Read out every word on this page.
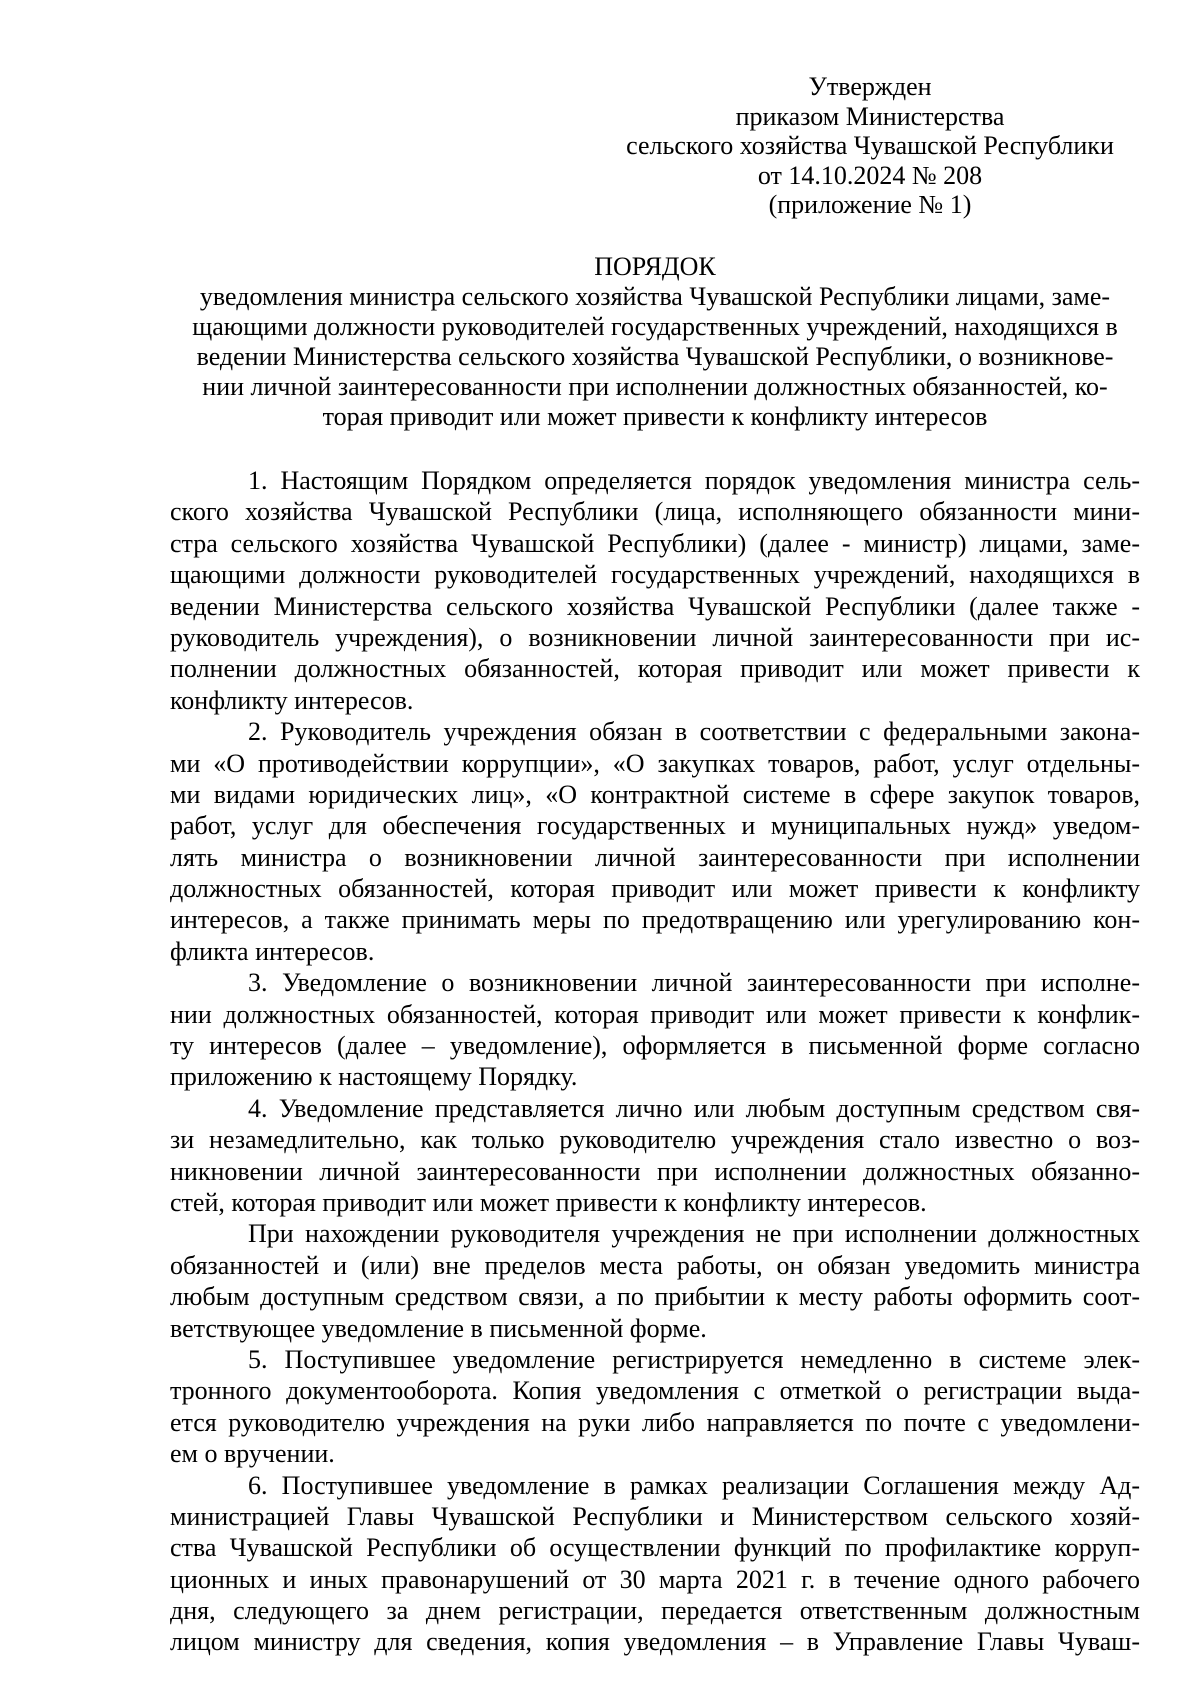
Утвержден
приказом Министерства
сельского хозяйства Чувашской Республики
от 14.10.2024 № 208
(приложение № 1)
ПОРЯДОК
уведомления министра сельского хозяйства Чувашской Республики лицами, заме-
щающими должности руководителей государственных учреждений, находящихся в
ведении Министерства сельского хозяйства Чувашской Республики, о возникнове-
нии личной заинтересованности при исполнении должностных обязанностей, ко-
торая приводит или может привести к конфликту интересов
1. Настоящим Порядком определяется порядок уведомления министра сель-
ского хозяйства Чувашской Республики (лица, исполняющего обязанности мини-
стра сельского хозяйства Чувашской Республики) (далее - министр) лицами, заме-
щающими должности руководителей государственных учреждений, находящихся в
ведении Министерства сельского хозяйства Чувашской Республики (далее также -
руководитель учреждения), о возникновении личной заинтересованности при ис-
полнении должностных обязанностей, которая приводит или может привести к
конфликту интересов.
2. Руководитель учреждения обязан в соответствии с федеральными закона-
ми «О противодействии коррупции», «О закупках товаров, работ, услуг отдельны-
ми видами юридических лиц», «О контрактной системе в сфере закупок товаров,
работ, услуг для обеспечения государственных и муниципальных нужд» уведом-
лять министра о возникновении личной заинтересованности при исполнении
должностных обязанностей, которая приводит или может привести к конфликту
интересов, а также принимать меры по предотвращению или урегулированию кон-
фликта интересов.
3. Уведомление о возникновении личной заинтересованности при исполне-
нии должностных обязанностей, которая приводит или может привести к конфлик-
ту интересов (далее – уведомление), оформляется в письменной форме согласно
приложению к настоящему Порядку.
4. Уведомление представляется лично или любым доступным средством свя-
зи незамедлительно, как только руководителю учреждения стало известно о воз-
никновении личной заинтересованности при исполнении должностных обязанно-
стей, которая приводит или может привести к конфликту интересов.
При нахождении руководителя учреждения не при исполнении должностных
обязанностей и (или) вне пределов места работы, он обязан уведомить министра
любым доступным средством связи, а по прибытии к месту работы оформить соот-
ветствующее уведомление в письменной форме.
5. Поступившее уведомление регистрируется немедленно в системе элек-
тронного документооборота. Копия уведомления с отметкой о регистрации выда-
ется руководителю учреждения на руки либо направляется по почте с уведомлени-
ем о вручении.
6. Поступившее уведомление в рамках реализации Соглашения между Ад-
министрацией Главы Чувашской Республики и Министерством сельского хозяй-
ства Чувашской Республики об осуществлении функций по профилактике корруп-
ционных и иных правонарушений от 30 марта 2021 г. в течение одного рабочего
дня, следующего за днем регистрации, передается ответственным должностным
лицом министру для сведения, копия уведомления – в Управление Главы Чуваш-
